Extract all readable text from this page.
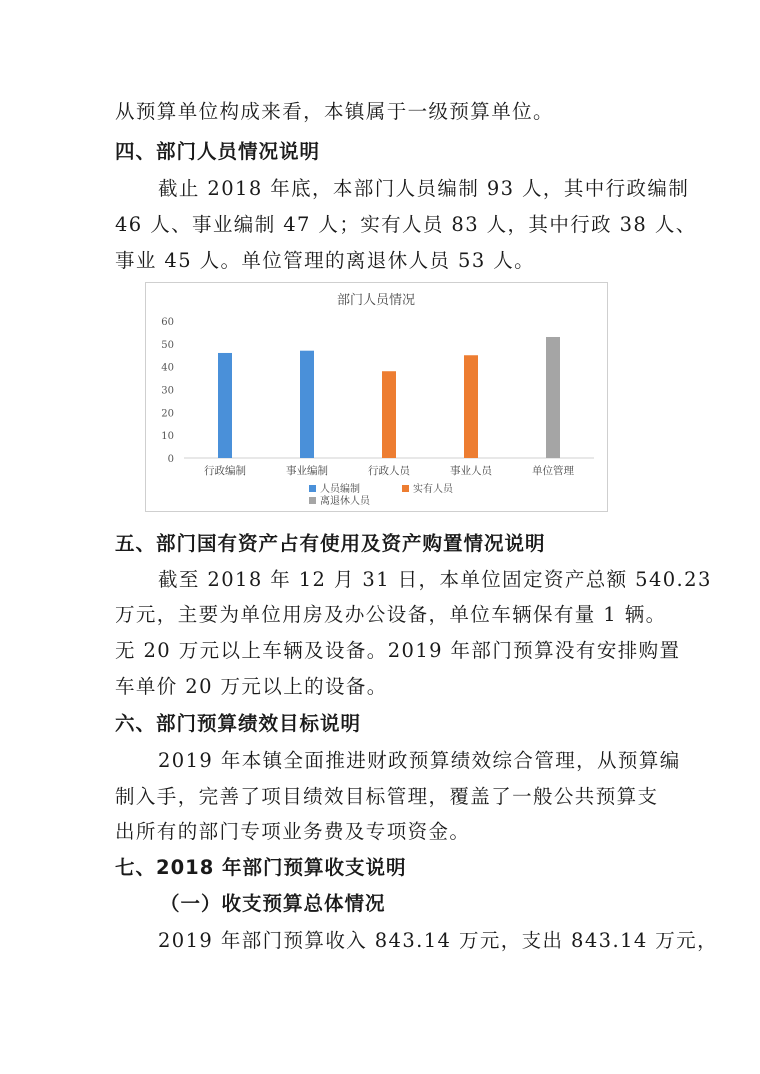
从预算单位构成来看，本镇属于一级预算单位。
四、部门人员情况说明
截止 2018 年底，本部门人员编制 93 人，其中行政编制
46 人、事业编制 47 人；实有人员 83 人，其中行政 38 人、
事业 45 人。单位管理的离退休人员 53 人。
部门人员情况
0
10
20
30
40
50
60
行政编制	事业编制	行政人员	事业人员	单位管理
人员编制	实有人员
离退休人员
五、部门国有资产占有使用及资产购置情况说明
截至 2018 年 12 月 31 日，本单位固定资产总额 540.23
万元，主要为单位用房及办公设备，单位车辆保有量 1 辆。
无 20 万元以上车辆及设备。2019 年部门预算没有安排购置
车单价 20 万元以上的设备。
六、部门预算绩效目标说明
2019 年本镇全面推进财政预算绩效综合管理，从预算编
制入手，完善了项目绩效目标管理，覆盖了一般公共预算支
出所有的部门专项业务费及专项资金。
七、2018 年部门预算收支说明
（一）收支预算总体情况
2019 年部门预算收入 843.14 万元，支出 843.14 万元，
